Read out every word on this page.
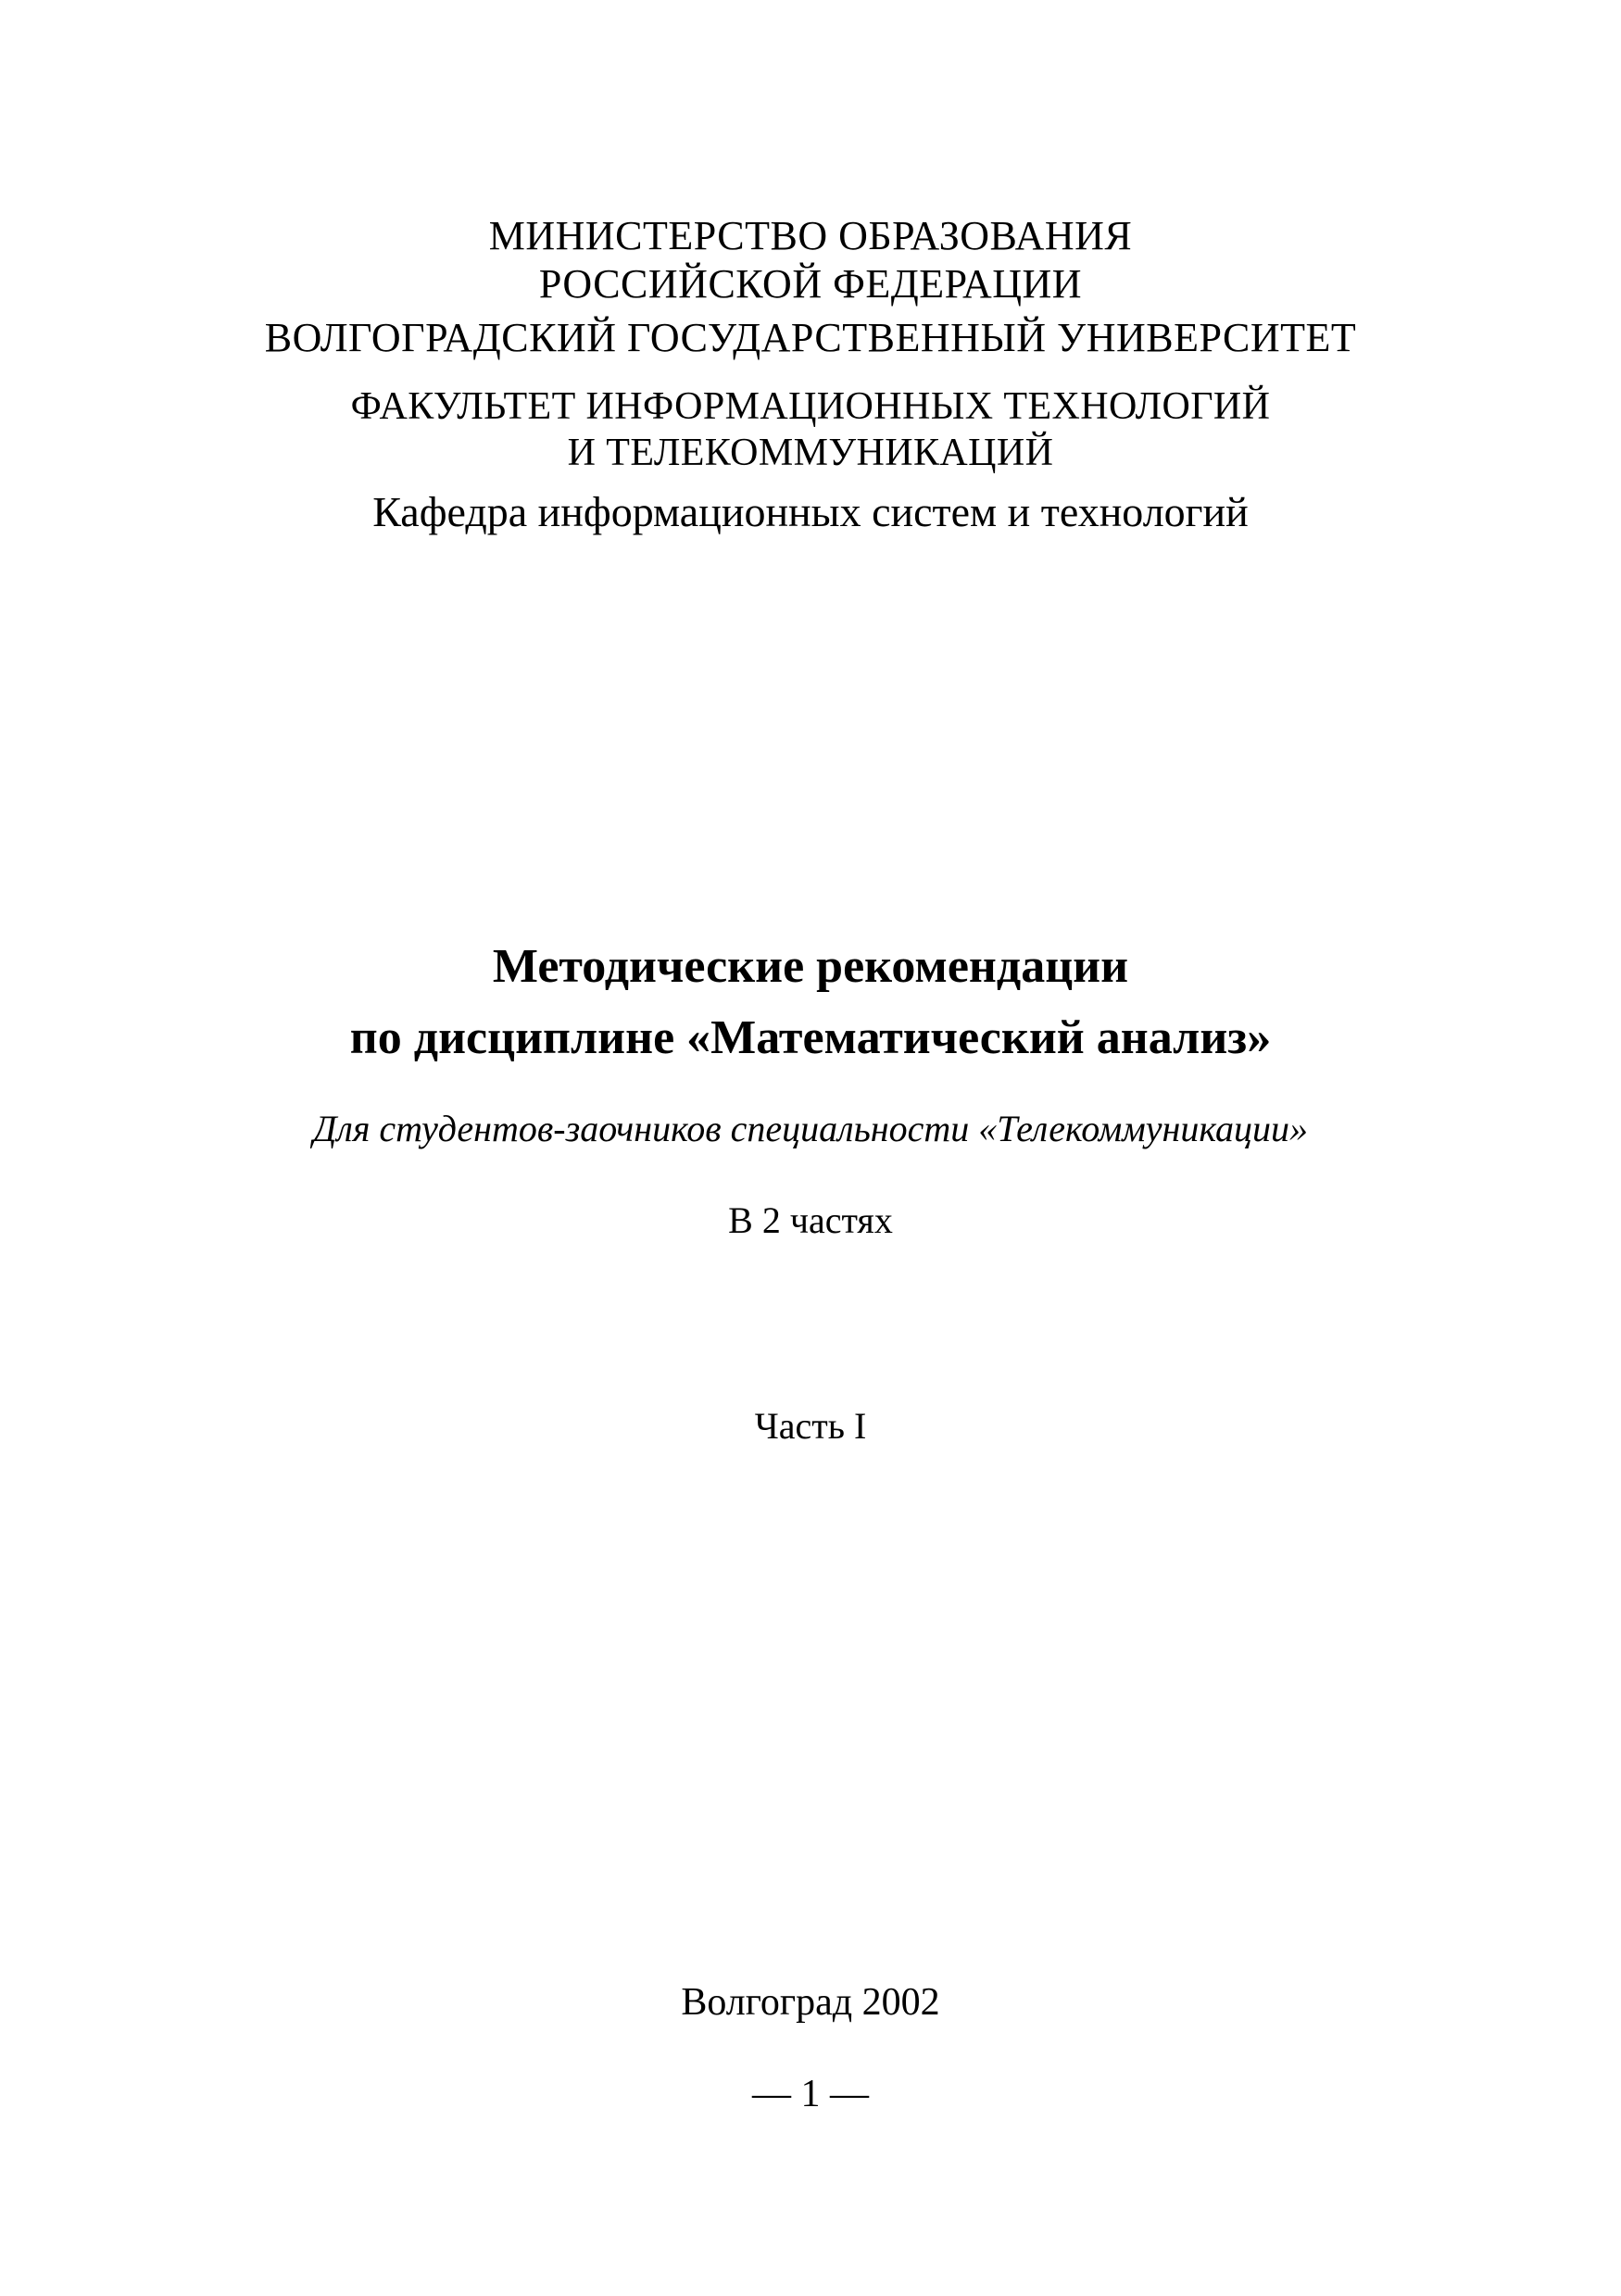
МИНИСТЕРСТВО ОБРАЗОВАНИЯ
РОССИЙСКОЙ ФЕДЕРАЦИИ
ВОЛГОГРАДСКИЙ ГОСУДАРСТВЕННЫЙ УНИВЕРСИТЕТ
ФАКУЛЬТЕТ ИНФОРМАЦИОННЫХ ТЕХНОЛОГИЙ
И ТЕЛЕКОММУНИКАЦИЙ
Кафедра информационных систем и технологий
Методические рекомендации
по дисциплине «Математический анализ»
Для студентов-заочников специальности «Телекоммуникации»
В 2 частях
Часть I
Волгоград 2002
— 1 —
